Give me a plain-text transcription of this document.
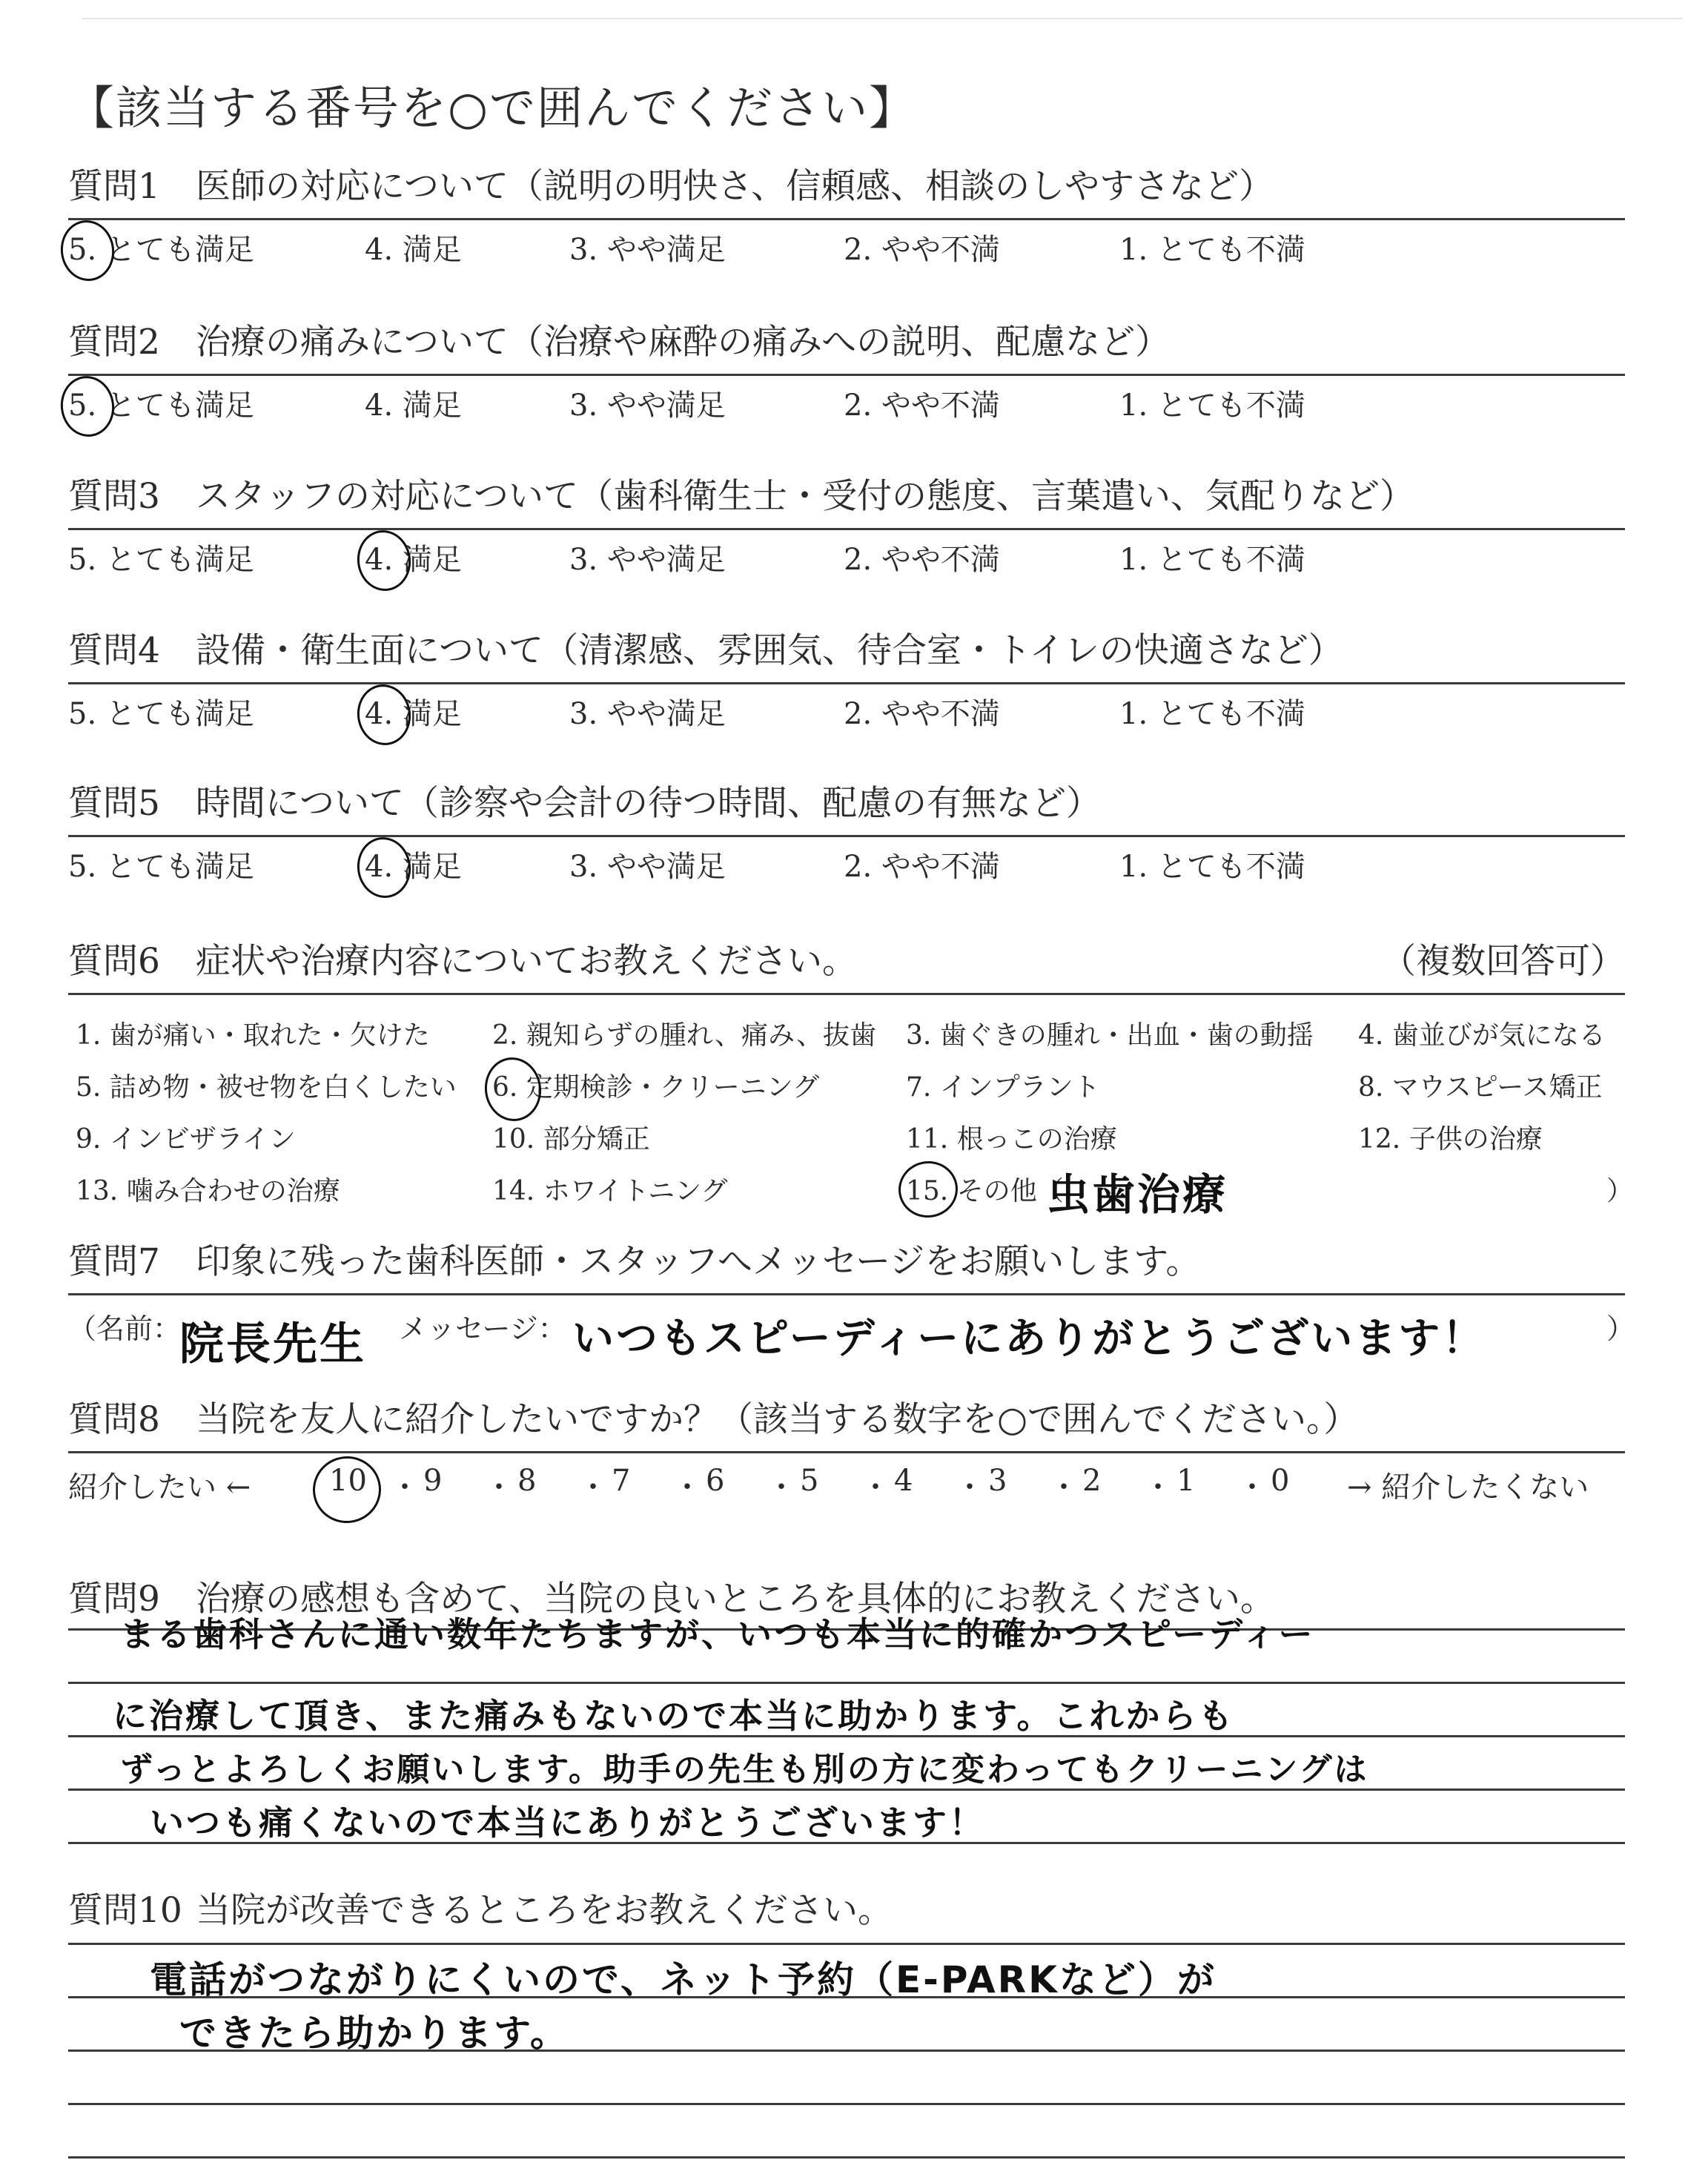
【該当する番号を○で囲んでください】
質問1 医師の対応について（説明の明快さ、信頼感、相談のしやすさなど）
5. とても満足	4. 満足	3. やや満足	2. やや不満	1. とても不満
質問2 治療の痛みについて（治療や麻酔の痛みへの説明、配慮など）
5. とても満足	4. 満足	3. やや満足	2. やや不満	1. とても不満
質問3 スタッフの対応について（歯科衛生士・受付の態度、言葉遣い、気配りなど）
5. とても満足	4. 満足	3. やや満足	2. やや不満	1. とても不満
質問4 設備・衛生面について（清潔感、雰囲気、待合室・トイレの快適さなど）
5. とても満足	4. 満足	3. やや満足	2. やや不満	1. とても不満
質問5 時間について（診察や会計の待つ時間、配慮の有無など）
5. とても満足	4. 満足	3. やや満足	2. やや不満	1. とても不満
質問6 症状や治療内容についてお教えください。	（複数回答可）
1. 歯が痛い・取れた・欠けた 2. 親知らずの腫れ、痛み、抜歯 3. 歯ぐきの腫れ・出血・歯の動揺 4. 歯並びが気になる
5. 詰め物・被せ物を白くしたい 6. 定期検診・クリーニング	7. インプラント	8. マウスピース矯正
9. インビザライン	10. 部分矯正	11. 根っこの治療	12. 子供の治療
13. 噛み合わせの治療	14. ホワイトニング	15. その他（
虫歯治療	）
質問7 印象に残った歯科医師・スタッフへメッセージをお願いします。
（名前：
院長先生 メッセージ： いつもスピーディーにありがとうございます！	）
質問8 当院を友人に紹介したいですか？（該当する数字を○で囲んでください。）
紹介したい ←	10 ・ 9 ・ 8 ・ 7 ・ 6 ・ 5 ・ 4 ・ 3 ・ 2 ・ 1 ・ 0 → 紹介したくない
質問9 治療の感想も含めて、当院の良いところを具体的にお教えください。
まる歯科さんに通い数年たちますが、いつも本当に的確かつスピーディー
に治療して頂き、また痛みもないので本当に助かります。これからも
ずっとよろしくお願いします。助手の先生も別の方に変わってもクリーニングは
いつも痛くないので本当にありがとうございます！
質問10 当院が改善できるところをお教えください。
電話がつながりにくいので、ネット予約（E-PARKなど）が
できたら助かります。
